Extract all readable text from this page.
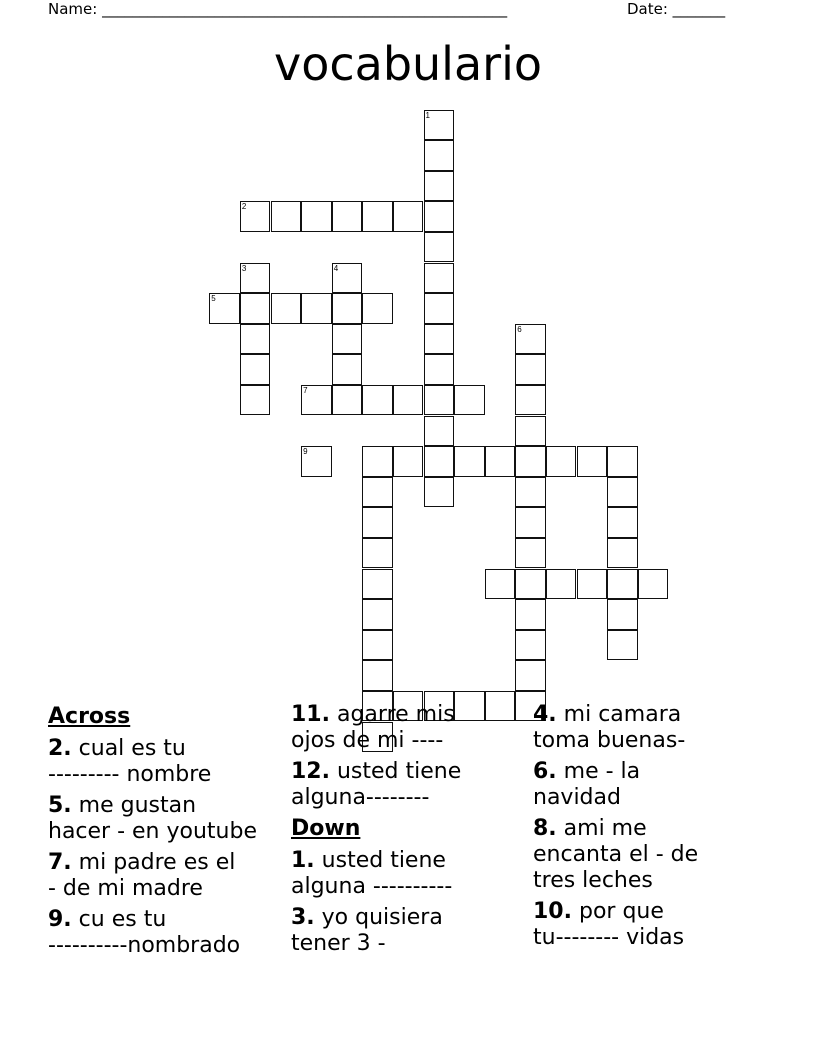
Name: ______________________________________________________	Date: _______
vocabulario
1
2
3	4
5
7
6
9
Across
2. cual es tu
--------- nombre
5. me gustan
hacer - en youtube
7. mi padre es el
- de mi madre
9. cu es tu
----------nombrado
11. agarre mis
ojos de mi ----
12. usted tiene
alguna--------
Down
1. usted tiene
alguna ----------
3. yo quisiera
tener 3 -
4. mi camara
toma buenas-
6. me - la
navidad
8. ami me
encanta el - de
tres leches
10. por que
tu-------- vidas
